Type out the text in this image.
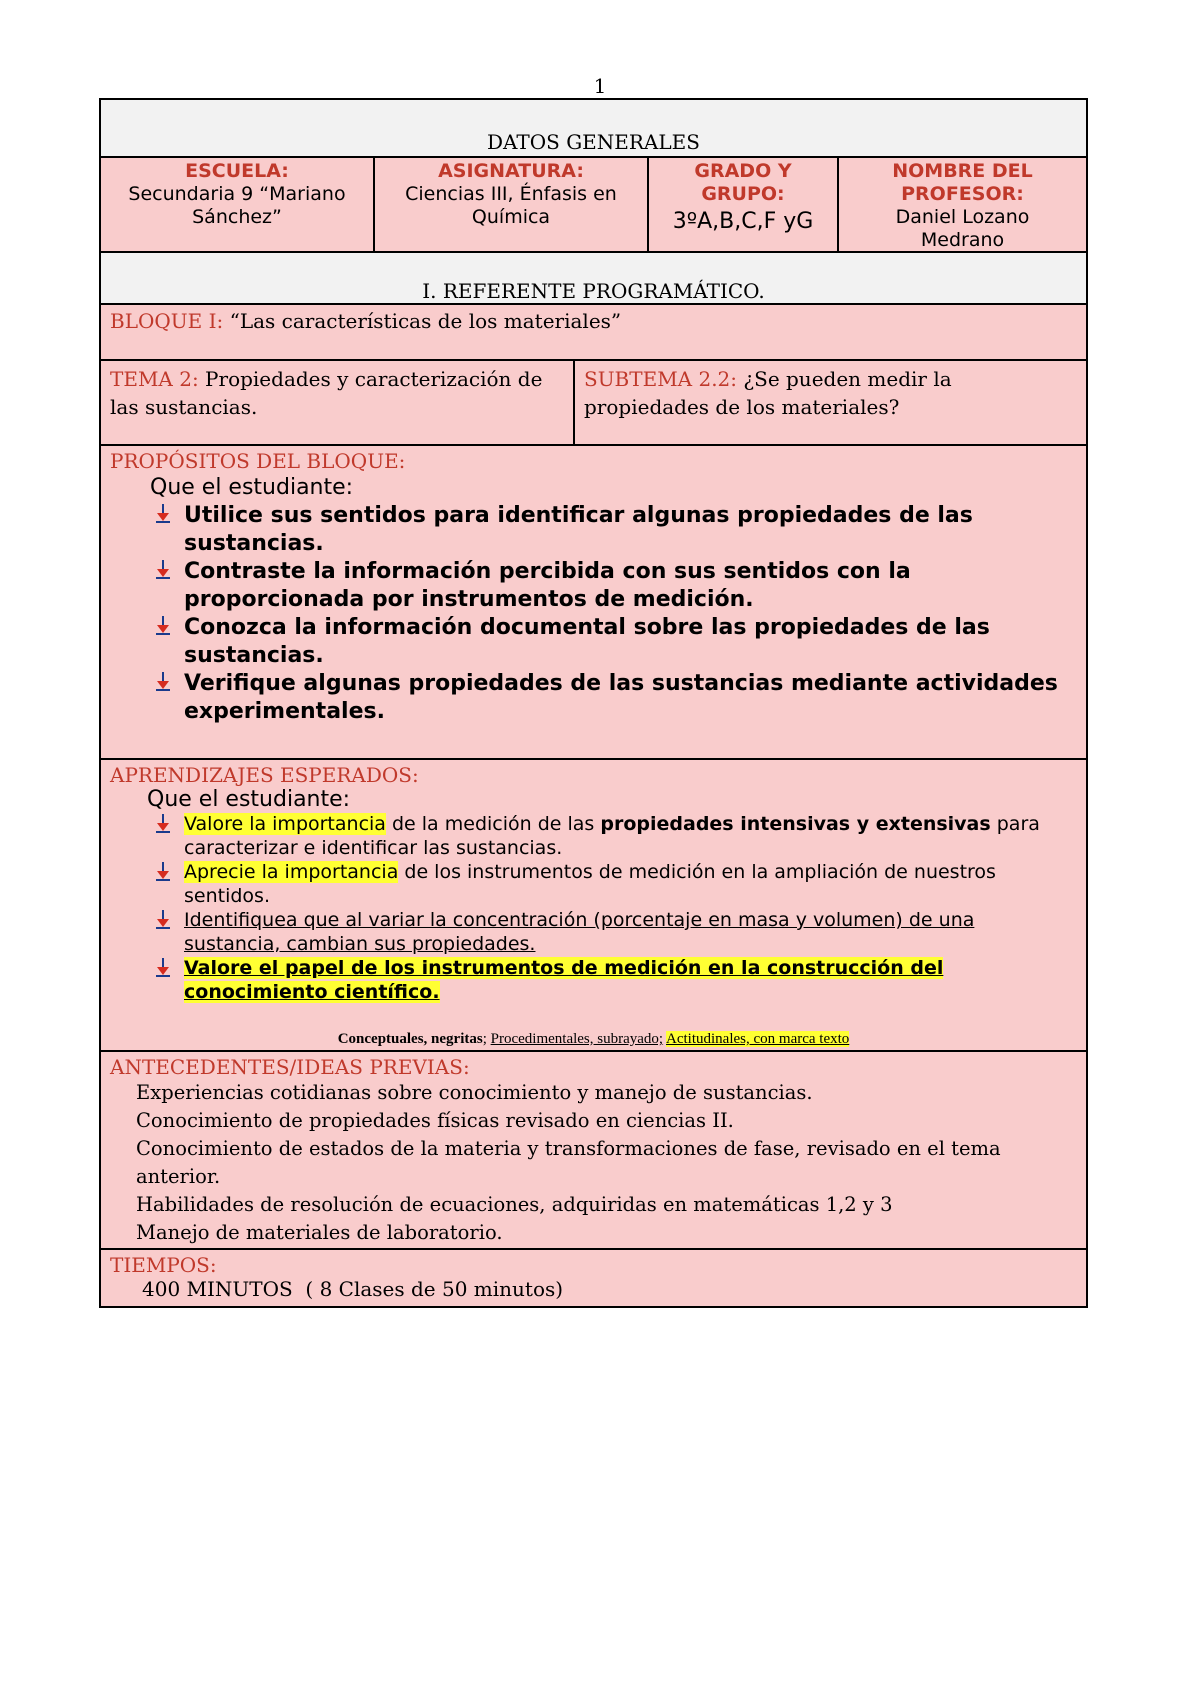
1
DATOS GENERALES
ESCUELA:
Secundaria 9 “Mariano Sánchez”
ASIGNATURA:
Ciencias III, Énfasis en Química
GRADO Y GRUPO:
3ºA,B,C,F yG
NOMBRE DEL PROFESOR:
Daniel Lozano Medrano
I. REFERENTE PROGRAMÁTICO.
BLOQUE I: “Las características de los materiales”
TEMA 2: Propiedades y caracterización de las sustancias.
SUBTEMA 2.2: ¿Se pueden medir la propiedades de los materiales?
PROPÓSITOS DEL BLOQUE:
Que el estudiante:
Utilice sus sentidos para identificar algunas propiedades de las sustancias.
Contraste la información percibida con sus sentidos con la proporcionada por instrumentos de medición.
Conozca la información documental sobre las propiedades de las sustancias.
Verifique algunas propiedades de las sustancias mediante actividades experimentales.
APRENDIZAJES ESPERADOS:
Que el estudiante:
Valore la importancia de la medición de las propiedades intensivas y extensivas para caracterizar e identificar las sustancias.
Aprecie la importancia de los instrumentos de medición en la ampliación de nuestros sentidos.
Identifiquea que al variar la concentración (porcentaje en masa y volumen) de una sustancia, cambian sus propiedades.
Valore el papel de los instrumentos de medición en la construcción del conocimiento científico.
Conceptuales, negritas; Procedimentales, subrayado; Actitudinales, con marca texto
ANTECEDENTES/IDEAS PREVIAS:
Experiencias cotidianas sobre conocimiento y manejo de sustancias.
Conocimiento de propiedades físicas revisado en ciencias II.
Conocimiento de estados de la materia y transformaciones de fase, revisado en el tema anterior.
Habilidades de resolución de ecuaciones, adquiridas en matemáticas 1,2 y 3
Manejo de materiales de laboratorio.
TIEMPOS:
400 MINUTOS  ( 8 Clases de 50 minutos)
